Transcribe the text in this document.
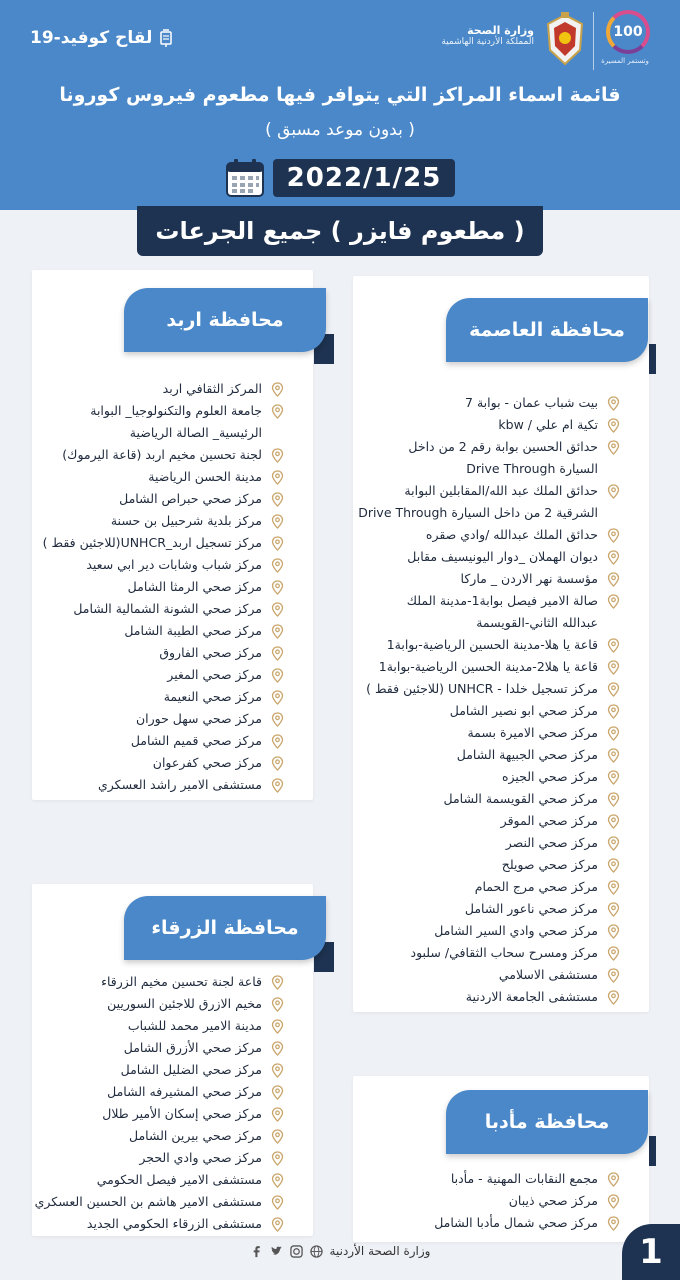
100
وتستمر المسيرة
وزارة الصحة
المملكة الأردنية الهاشمية
لقاح كوفيد-19
قائمة اسماء المراكز التي يتوافر فيها مطعوم فيروس كورونا
( بدون موعد مسبق )
2022/1/25
( مطعوم فايزر ) جميع الجرعات
محافظة العاصمة
بيت شباب عمان - بوابة 7
تكية ام علي / kbw
حدائق الحسين بوابة رقم 2 من داخل
السيارة Drive Through
حدائق الملك عبد الله/المقابلين البوابة
الشرقية 2 من داخل السيارة Drive Through
حدائق الملك عبدالله /وادي صقره
ديوان الهملان _دوار اليونيسيف مقابل
مؤسسة نهر الاردن _ ماركا
صالة الامير فيصل بوابة1-مدينة الملك
عبدالله الثاني-القويسمة
قاعة يا هلا-مدينة الحسين الرياضية-بوابة1
قاعة يا هلا2-مدينة الحسين الرياضية-بوابة1
مركز تسجيل خلدا - UNHCR (للاجئين فقط )
مركز صحي ابو نصير الشامل
مركز صحي الاميرة بسمة
مركز صحي الجبيهة الشامل
مركز صحي الجيزه
مركز صحي القويسمة الشامل
مركز صحي الموقر
مركز صحي النصر
مركز صحي صويلح
مركز صحي مرج الحمام
مركز صحي ناعور الشامل
مركز صحي وادي السير الشامل
مركز ومسرح سحاب الثقافي/ سلبود
مستشفى الاسلامي
مستشفى الجامعة الاردنية
محافظة اربد
المركز الثقافي اربد
جامعة العلوم والتكنولوجيا_ البوابة
الرئيسية_ الصالة الرياضية
لجنة تحسين مخيم اربد (قاعة اليرموك)
مدينة الحسن الرياضية
مركز صحي حبراص الشامل
مركز بلدية شرحبيل بن حسنة
مركز تسجيل اربد_UNHCR(للاجئين فقط )
مركز شباب وشابات دير ابي سعيد
مركز صحي الرمثا الشامل
مركز صحي الشونة الشمالية الشامل
مركز صحي الطيبة الشامل
مركز صحي الفاروق
مركز صحي المغير
مركز صحي النعيمة
مركز صحي سهل حوران
مركز صحي قميم الشامل
مركز صحي كفرعوان
مستشفى الامير راشد العسكري
محافظة الزرقاء
قاعة لجنة تحسين مخيم الزرقاء
مخيم الازرق للاجئين السوريين
مدينة الامير محمد للشباب
مركز صحي الأزرق الشامل
مركز صحي الضليل الشامل
مركز صحي المشيرفه الشامل
مركز صحي إسكان الأمير طلال
مركز صحي بيرين الشامل
مركز صحي وادي الحجر
مستشفى الامير فيصل الحكومي
مستشفى الامير هاشم بن الحسين العسكري
مستشفى الزرقاء الحكومي الجديد
محافظة مأدبا
مجمع النقابات المهنية - مأدبا
مركز صحي ذيبان
مركز صحي شمال مأدبا الشامل
وزارة الصحة الأردنية	1
